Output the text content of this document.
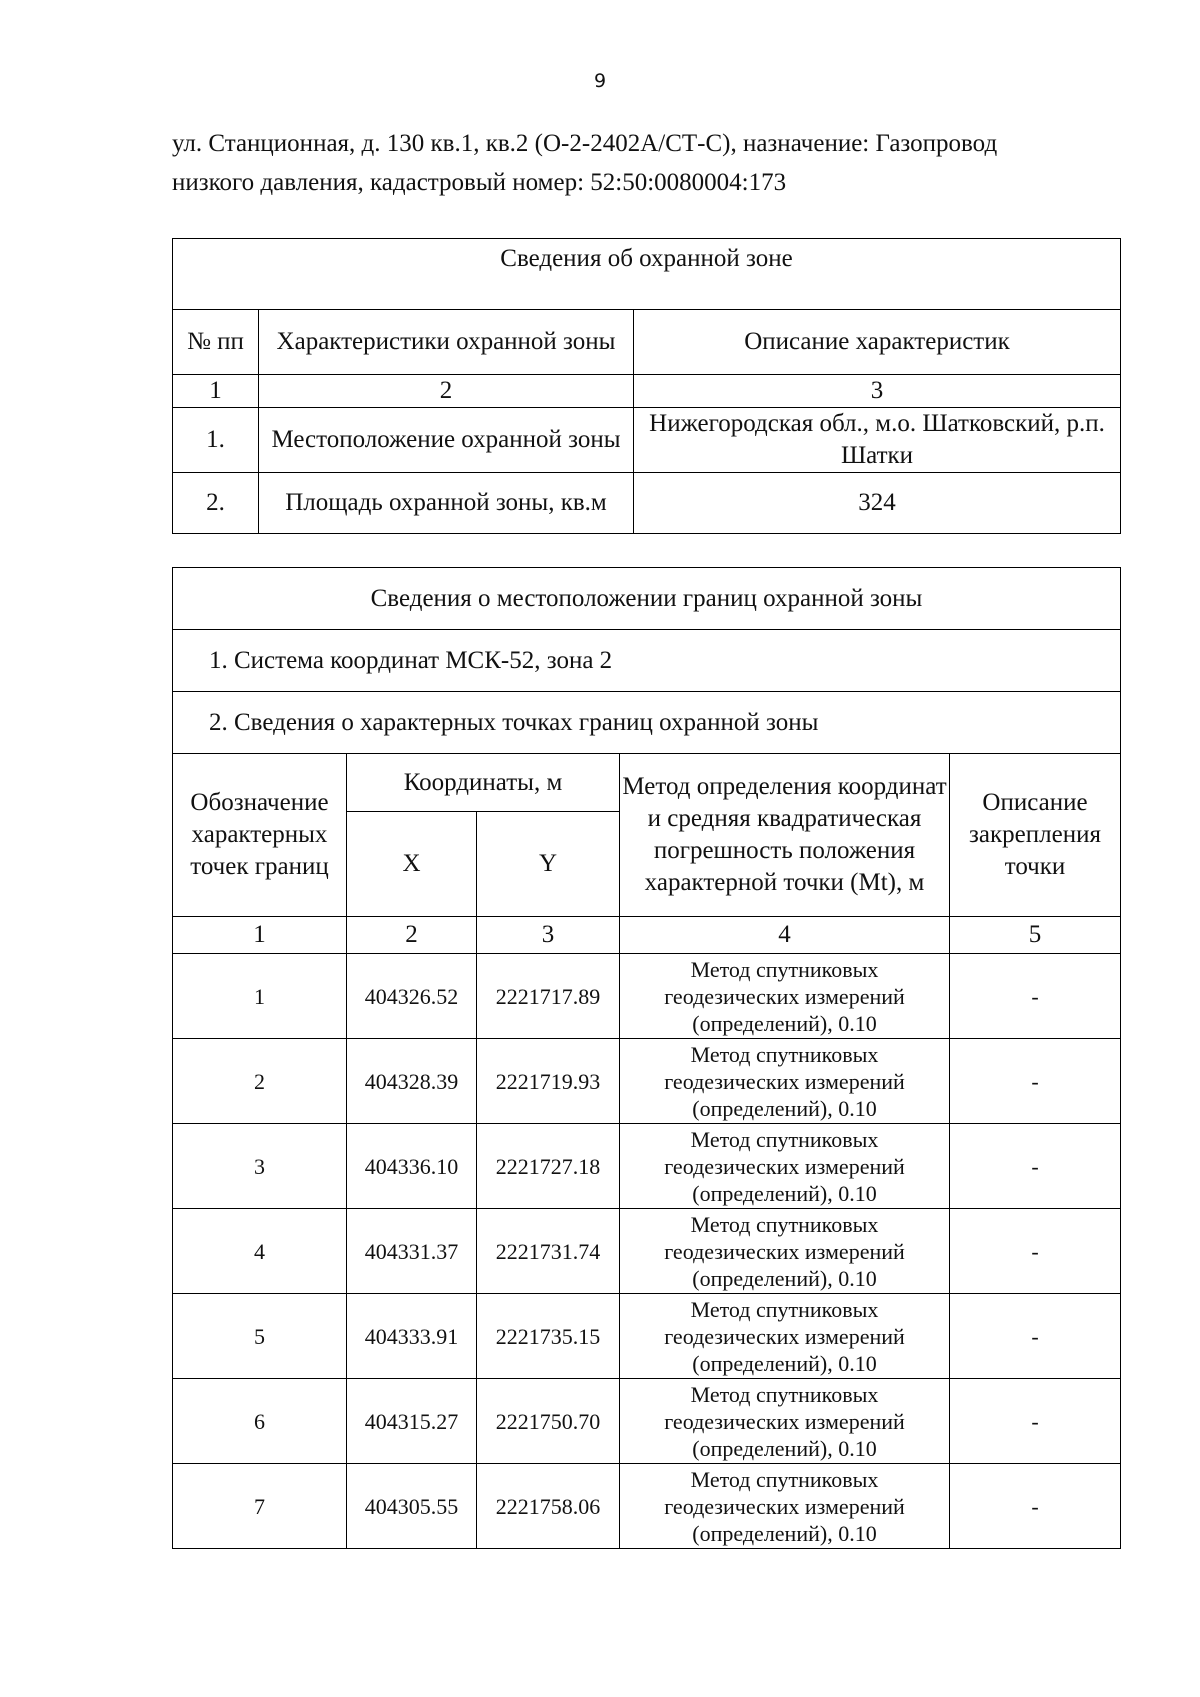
9
ул. Станционная, д. 130 кв.1, кв.2 (О-2-2402А/СТ-С), назначение: Газопровод
низкого давления, кадастровый номер: 52:50:0080004:173
Сведения об охранной зоне		
№ пп	Характеристики охранной зоны	Описание характеристик
1	2	3
1.	Местоположение охранной зоны	Нижегородская обл., м.о. Шатковский, р.п. Шатки
2.	Площадь охранной зоны, кв.м	324
Сведения о местоположении границ охранной зоны				
1. Система координат МСК-52, зона 2				
2. Сведения о характерных точках границ охранной зоны				
Обозначение характерных точек границ	Координаты, м		Метод определения координат и средняя квадратическая погрешность положения характерной точки (Mt), м	Описание закрепления точки
	X	Y		
1	2	3	4	5
1	404326.52	2221717.89	Метод спутниковых геодезических измерений (определений), 0.10	-
2	404328.39	2221719.93	Метод спутниковых геодезических измерений (определений), 0.10	-
3	404336.10	2221727.18	Метод спутниковых геодезических измерений (определений), 0.10	-
4	404331.37	2221731.74	Метод спутниковых геодезических измерений (определений), 0.10	-
5	404333.91	2221735.15	Метод спутниковых геодезических измерений (определений), 0.10	-
6	404315.27	2221750.70	Метод спутниковых геодезических измерений (определений), 0.10	-
7	404305.55	2221758.06	Метод спутниковых геодезических измерений (определений), 0.10	-
